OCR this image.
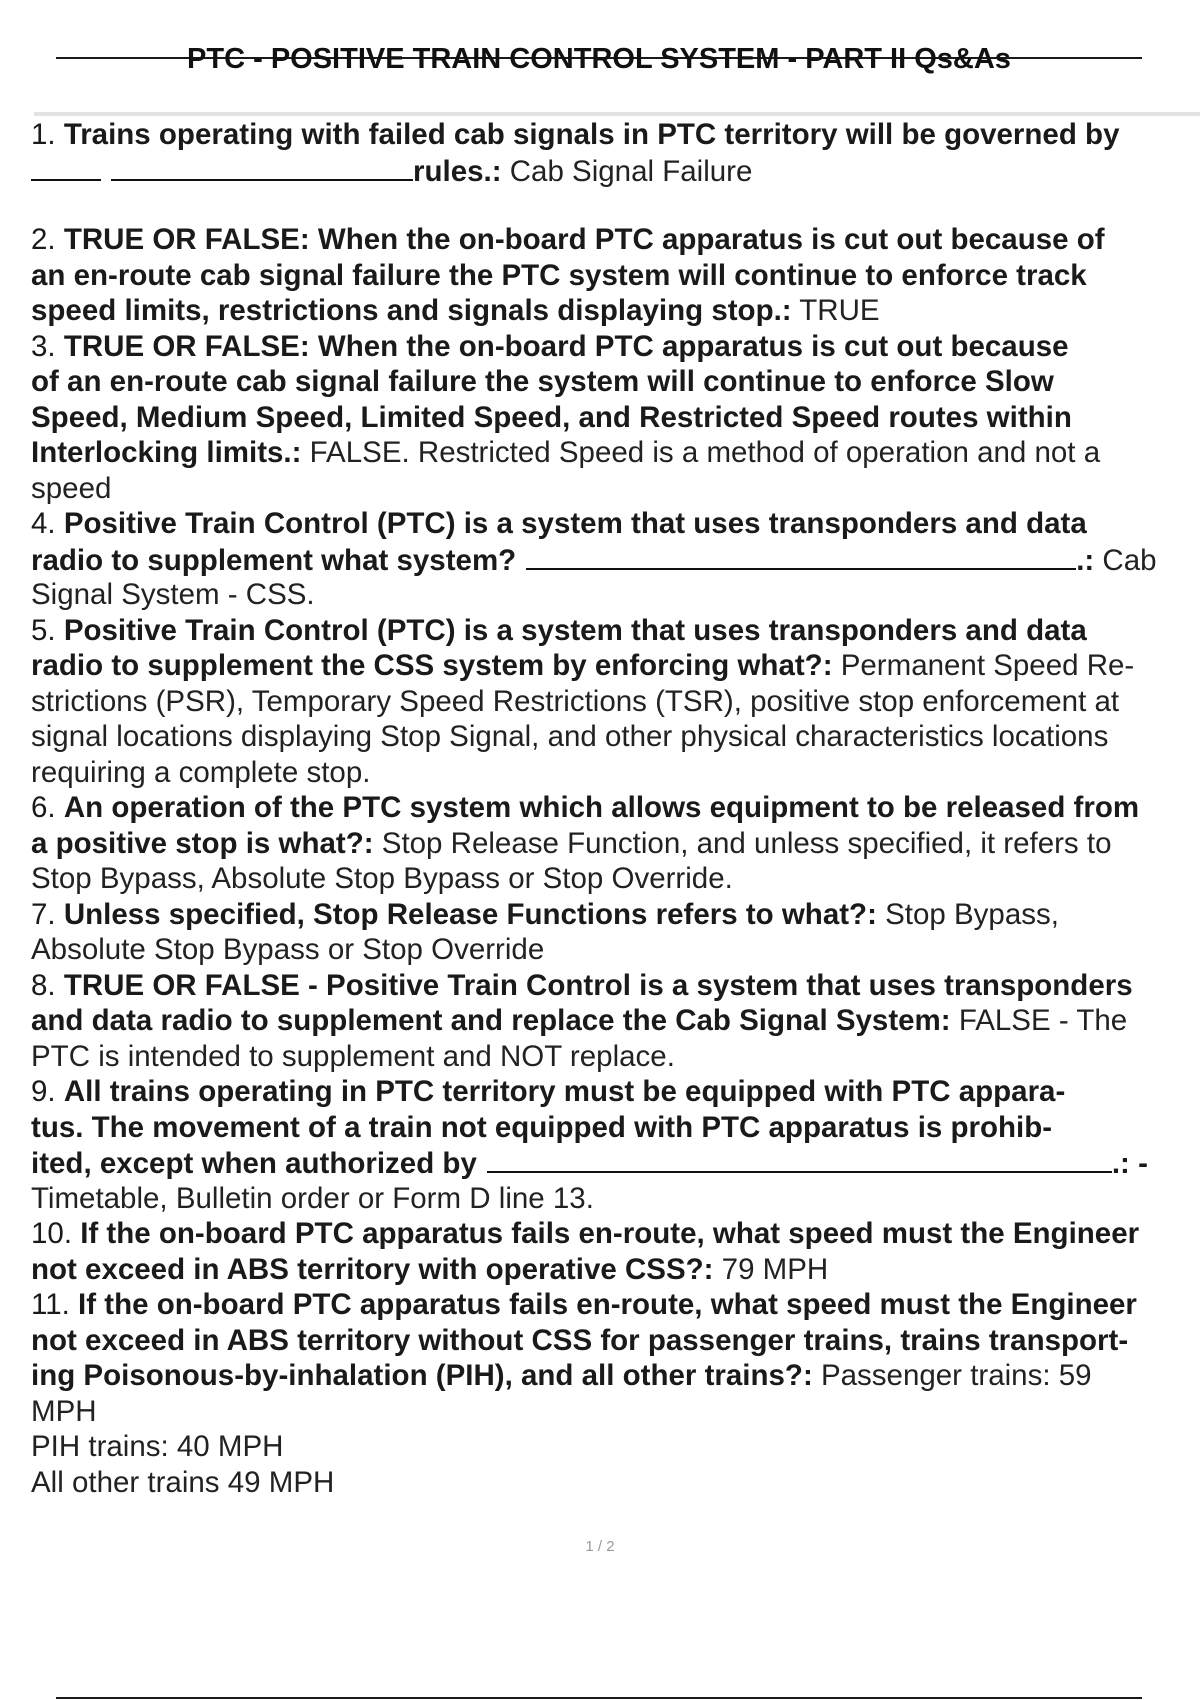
PTC - POSITIVE TRAIN CONTROL SYSTEM - PART II Qs&As
1. Trains operating with failed cab signals in PTC territory will be governed by
rules.: Cab Signal Failure
2. TRUE OR FALSE: When the on-board PTC apparatus is cut out because of
an en-route cab signal failure the PTC system will continue to enforce track
speed limits, restrictions and signals displaying stop.: TRUE
3. TRUE OR FALSE: When the on-board PTC apparatus is cut out because
of an en-route cab signal failure the system will continue to enforce Slow
Speed, Medium Speed, Limited Speed, and Restricted Speed routes within
Interlocking limits.: FALSE. Restricted Speed is a method of operation and not a
speed
4. Positive Train Control (PTC) is a system that uses transponders and data
radio to supplement what system?	.: Cab
Signal System - CSS.
5. Positive Train Control (PTC) is a system that uses transponders and data
radio to supplement the CSS system by enforcing what?: Permanent Speed Re-
strictions (PSR), Temporary Speed Restrictions (TSR), positive stop enforcement at
signal locations displaying Stop Signal, and other physical characteristics locations
requiring a complete stop.
6. An operation of the PTC system which allows equipment to be released from
a positive stop is what?: Stop Release Function, and unless specified, it refers to
Stop Bypass, Absolute Stop Bypass or Stop Override.
7. Unless specified, Stop Release Functions refers to what?: Stop Bypass,
Absolute Stop Bypass or Stop Override
8. TRUE OR FALSE - Positive Train Control is a system that uses transponders
and data radio to supplement and replace the Cab Signal System: FALSE - The
PTC is intended to supplement and NOT replace.
9. All trains operating in PTC territory must be equipped with PTC appara-
tus. The movement of a train not equipped with PTC apparatus is prohib-
ited, except when authorized by	.: -
Timetable, Bulletin order or Form D line 13.
10. If the on-board PTC apparatus fails en-route, what speed must the Engineer
not exceed in ABS territory with operative CSS?: 79 MPH
11. If the on-board PTC apparatus fails en-route, what speed must the Engineer
not exceed in ABS territory without CSS for passenger trains, trains transport-
ing Poisonous-by-inhalation (PIH), and all other trains?: Passenger trains: 59
MPH
PIH trains: 40 MPH
All other trains 49 MPH
1 / 2
